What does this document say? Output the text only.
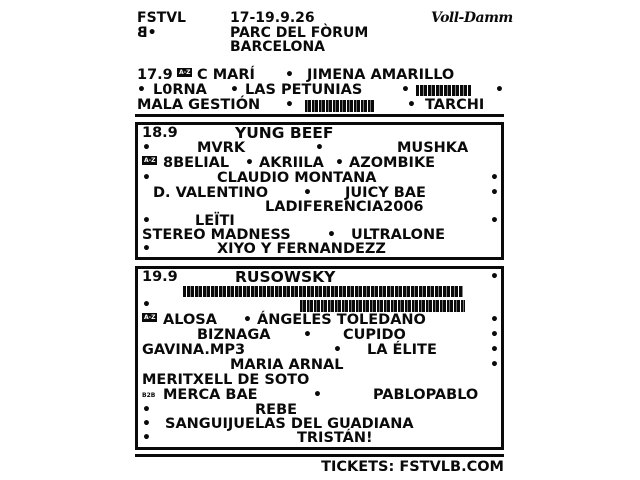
FSTVL
B•
17-19.9.26
PARC DEL FÒRUM
BARCELONA
Voll-Damm
17.9	A-Z C MARÍ • JIMENA AMARILLO
• L0RNA • LAS PETUNIAS	•	•
MALA GESTIÓN •	• TARCHI
18.9	YUNG BEEF
•	MVRK	•	MUSHKA
A-Z 8BELIAL • AKRIILA • AZOMBIKE
•	CLAUDIO MONTANA	•
D. VALENTINO • JUICY BAE	•
LADIFERENCIA2006
•	LEÏTI	•
STEREO MADNESS	• ULTRALONE
•	XIYO Y FERNANDEZZ
19.9	RUSOWSKY	•
•
A-Z ALOSA • ÁNGELES TOLEDANO	•
BIZNAGA • CUPIDO	•
GAVINA.MP3	• LA ÉLITE	•
MARIA ARNAL	•
MERITXELL DE SOTO
B2B MERCA BAE	•	PABLOPABLO
•	REBE
• SANGUIJUELAS DEL GUADIANA
•	TRISTÁN!
TICKETS: FSTVLB.COM
